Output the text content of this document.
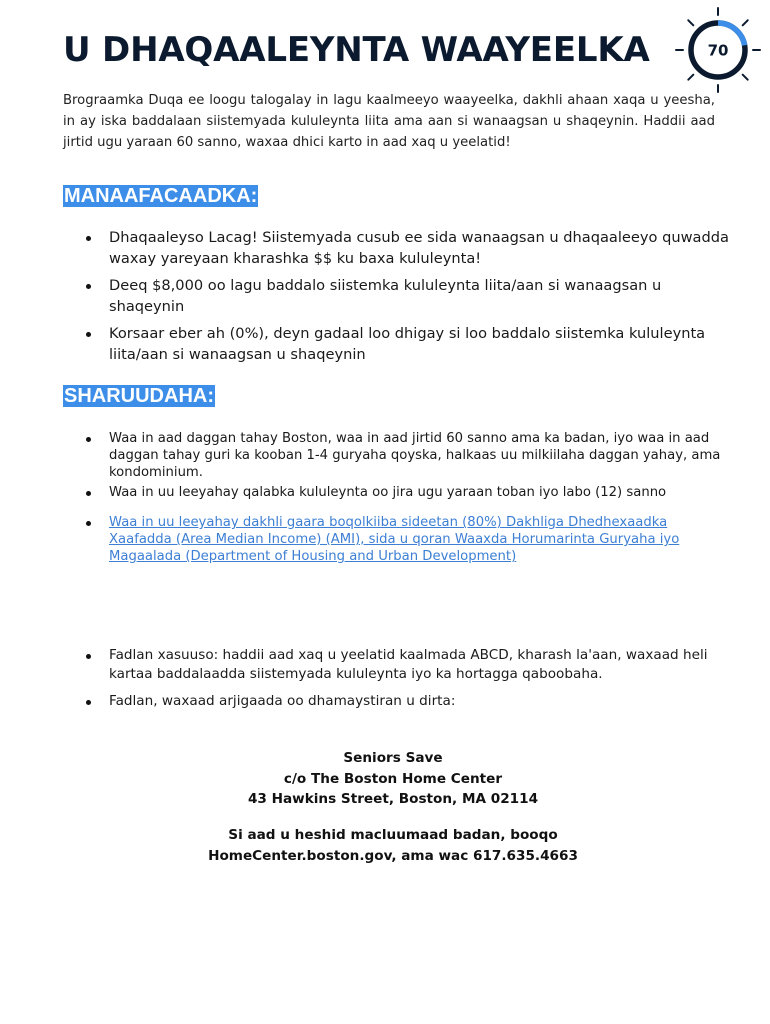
U DHAQAALEYNTA WAAYEELKA	70

Brograamka Duqa ee loogu talogalay in lagu kaalmeeyo waayeelka, dakhli ahaan xaqa u yeesha, in ay iska baddalaan siistemyada kululeynta liita ama aan si wanaagsan u shaqeynin. Haddii aad jirtid ugu yaraan 60 sanno, waxaa dhici karto in aad xaq u yeelatid!

MANAAFACAADKA:
Dhaqaaleyso Lacag! Siistemyada cusub ee sida wanaagsan u dhaqaaleeyo quwadda waxay yareyaan kharashka $$ ku baxa kululeynta!
Deeq $8,000 oo lagu baddalo siistemka kululeynta liita/aan si wanaagsan u shaqeynin
Korsaar eber ah (0%), deyn gadaal loo dhigay si loo baddalo siistemka kululeynta liita/aan si wanaagsan u shaqeynin
SHARUUDAHA:
Waa in aad daggan tahay Boston, waa in aad jirtid 60 sanno ama ka badan, iyo waa in aad daggan tahay guri ka kooban 1-4 guryaha qoyska, halkaas uu milkiilaha daggan yahay, ama kondominium.
Waa in uu leeyahay qalabka kululeynta oo jira ugu yaraan toban iyo labo (12) sanno
Waa in uu leeyahay dakhli gaara boqolkiiba sideetan (80%) Dakhliga Dhedhexaadka Xaafadda (Area Median Income) (AMI), sida u qoran Waaxda Horumarinta Guryaha iyo Magaalada (Department of Housing and Urban Development)
Fadlan xasuuso: haddii aad xaq u yeelatid kaalmada ABCD, kharash la'aan, waxaad heli kartaa baddalaadda siistemyada kululeynta iyo ka hortagga qaboobaha.
Fadlan, waxaad arjigaada oo dhamaystiran u dirta:
Seniors Save
c/o The Boston Home Center
43 Hawkins Street, Boston, MA 02114
Si aad u heshid macluumaad badan, booqo
HomeCenter.boston.gov, ama wac 617.635.4663
